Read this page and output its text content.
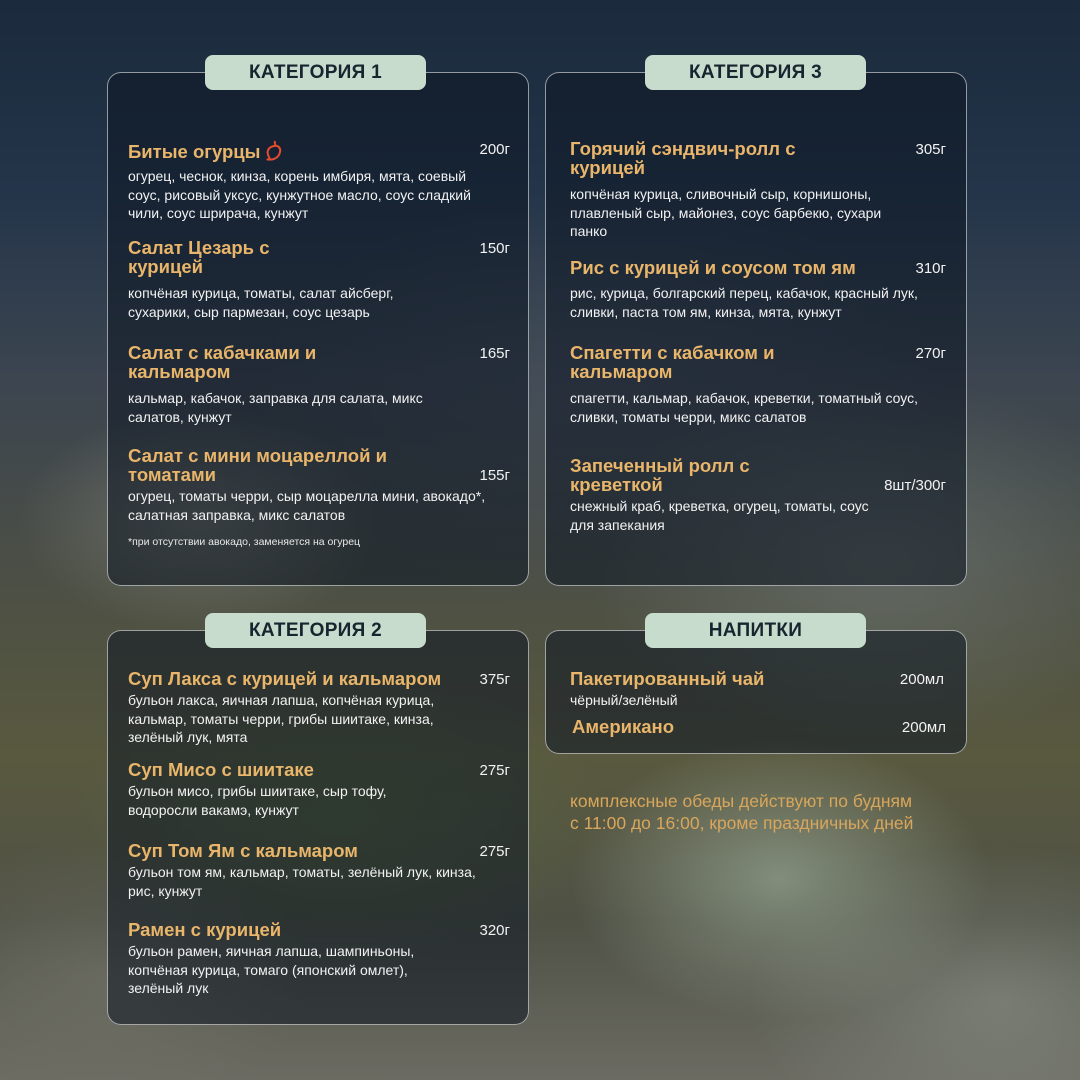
КАТЕГОРИЯ 1
Битые огурцы	200г
огурец, чеснок, кинза, корень имбиря, мята, соевый соус, рисовый уксус, кунжутное масло, соус сладкий чили, соус шрирача, кунжут
Салат Цезарь с курицей
150г
копчёная курица, томаты, салат айсберг, сухарики, сыр пармезан, соус цезарь
Салат с кабачками и кальмаром
165г
кальмар, кабачок, заправка для салата, микс салатов, кунжут
Салат с мини моцареллой и томатами	155г
огурец, томаты черри, сыр моцарелла мини, авокадо*, салатная заправка, микс салатов
*при отсутствии авокадо, заменяется на огурец
КАТЕГОРИЯ 3
Горячий сэндвич-ролл с курицей
305г
копчёная курица, сливочный сыр, корнишоны, плавленый сыр, майонез, соус барбекю, сухари панко
Рис с курицей и соусом том ям	310г
рис, курица, болгарский перец, кабачок, красный лук, сливки, паста том ям, кинза, мята, кунжут
Спагетти с кабачком и кальмаром
270г
спагетти, кальмар, кабачок, креветки, томатный соус, сливки, томаты черри, микс салатов
Запеченный ролл с креветкой	8шт/300г
снежный краб, креветка, огурец, томаты, соус для запекания
КАТЕГОРИЯ 2
Суп Лакса с курицей и кальмаром	375г
бульон лакса, яичная лапша, копчёная курица, кальмар, томаты черри, грибы шиитаке, кинза, зелёный лук, мята
Суп Мисо с шиитаке	275г
бульон мисо, грибы шиитаке, сыр тофу, водоросли вакамэ, кунжут
Суп Том Ям с кальмаром	275г
бульон том ям, кальмар, томаты, зелёный лук, кинза, рис, кунжут
Рамен с курицей	320г
бульон рамен, яичная лапша, шампиньоны, копчёная курица, томаго (японский омлет), зелёный лук
НАПИТКИ
Пакетированный чай	200мл
чёрный/зелёный
Американо	200мл
комплексные обеды действуют по будням
с 11:00 до 16:00, кроме праздничных дней
